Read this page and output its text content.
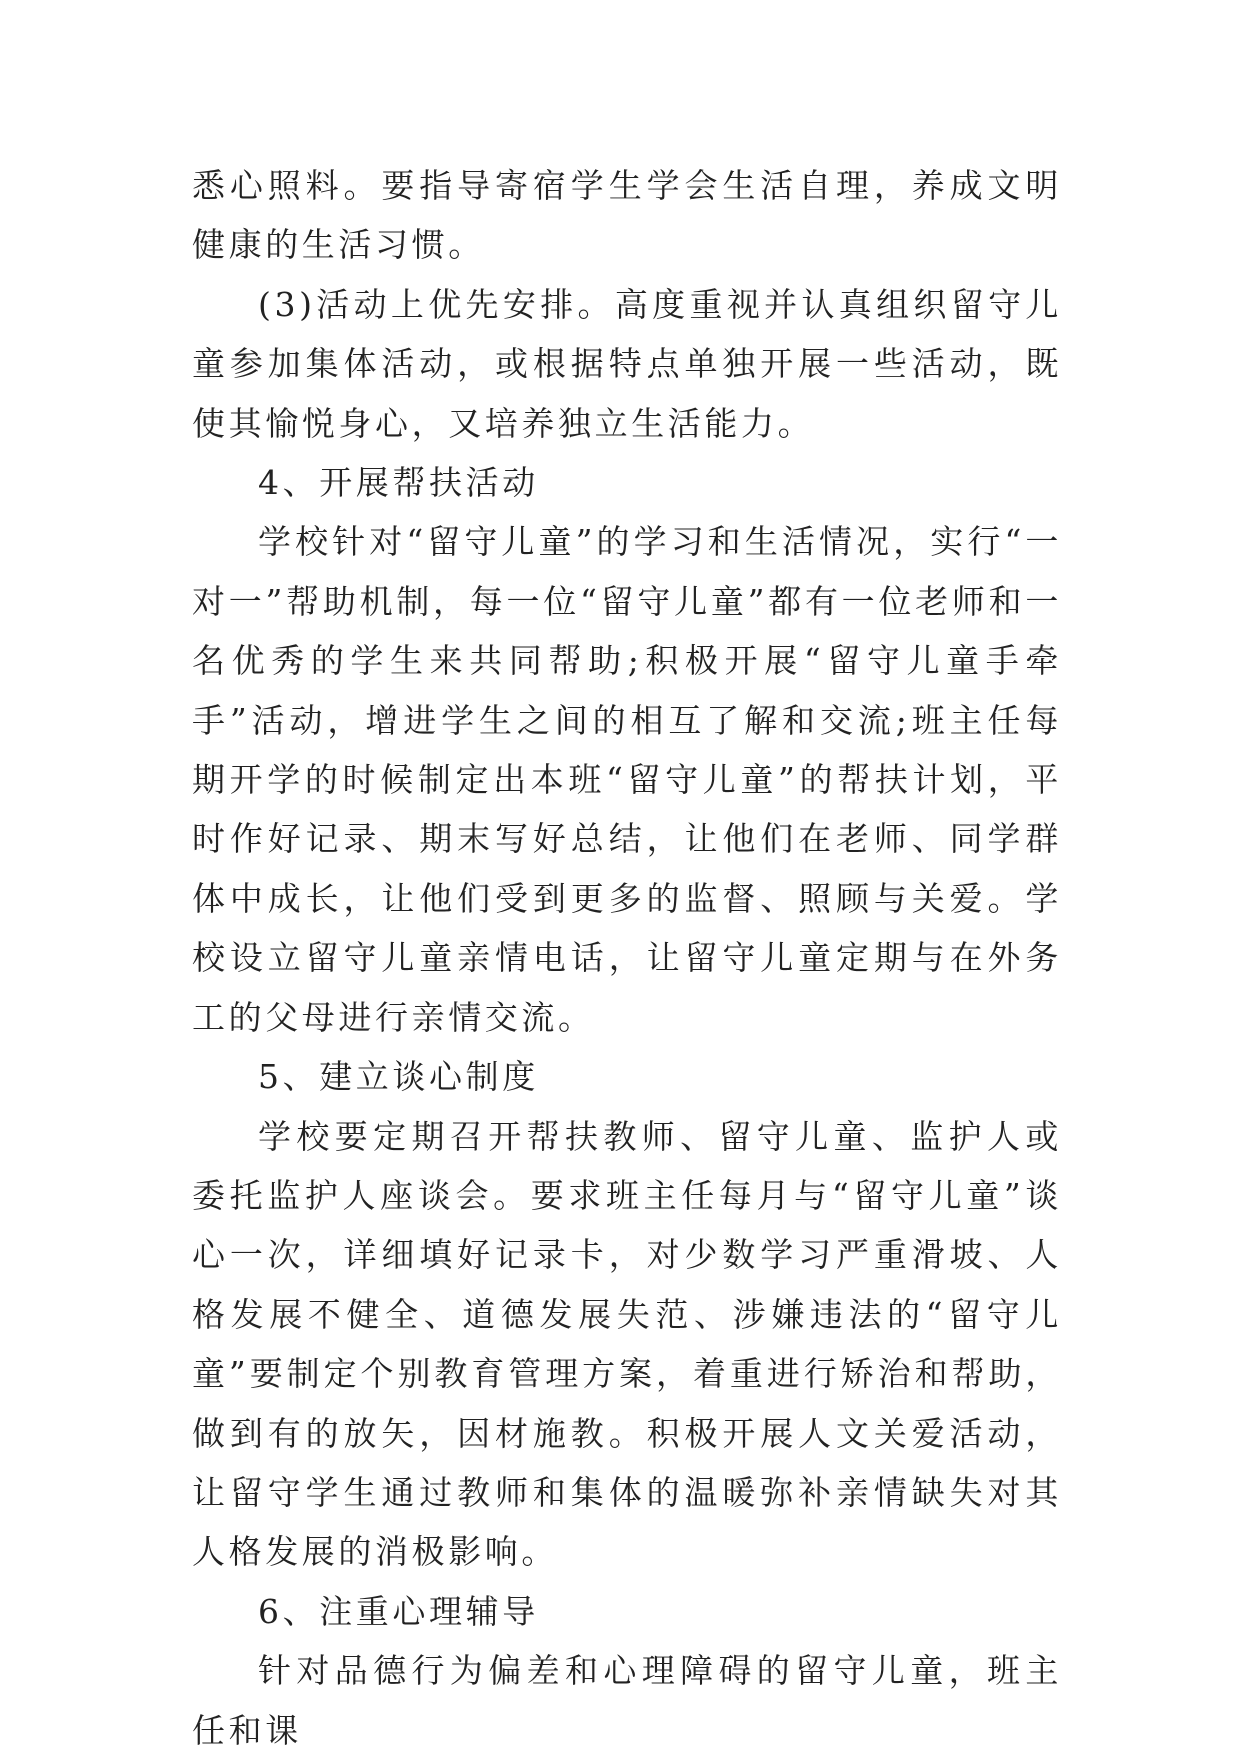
悉心照料。要指导寄宿学生学会生活自理，养成文明健康的生活习惯。

(3)活动上优先安排。高度重视并认真组织留守儿童参加集体活动，或根据特点单独开展一些活动，既使其愉悦身心，又培养独立生活能力。

4、开展帮扶活动

学校针对“留守儿童”的学习和生活情况，实行“一对一”帮助机制，每一位“留守儿童”都有一位老师和一名优秀的学生来共同帮助;积极开展“留守儿童手牵手”活动，增进学生之间的相互了解和交流;班主任每期开学的时候制定出本班“留守儿童”的帮扶计划，平时作好记录、期末写好总结，让他们在老师、同学群体中成长，让他们受到更多的监督、照顾与关爱。学校设立留守儿童亲情电话，让留守儿童定期与在外务工的父母进行亲情交流。

5、建立谈心制度

学校要定期召开帮扶教师、留守儿童、监护人或委托监护人座谈会。要求班主任每月与“留守儿童”谈心一次，详细填好记录卡，对少数学习严重滑坡、人格发展不健全、道德发展失范、涉嫌违法的“留守儿童”要制定个别教育管理方案，着重进行矫治和帮助，做到有的放矢，因材施教。积极开展人文关爱活动，让留守学生通过教师和集体的温暖弥补亲情缺失对其人格发展的消极影响。

6、注重心理辅导

针对品德行为偏差和心理障碍的留守儿童，班主任和课
